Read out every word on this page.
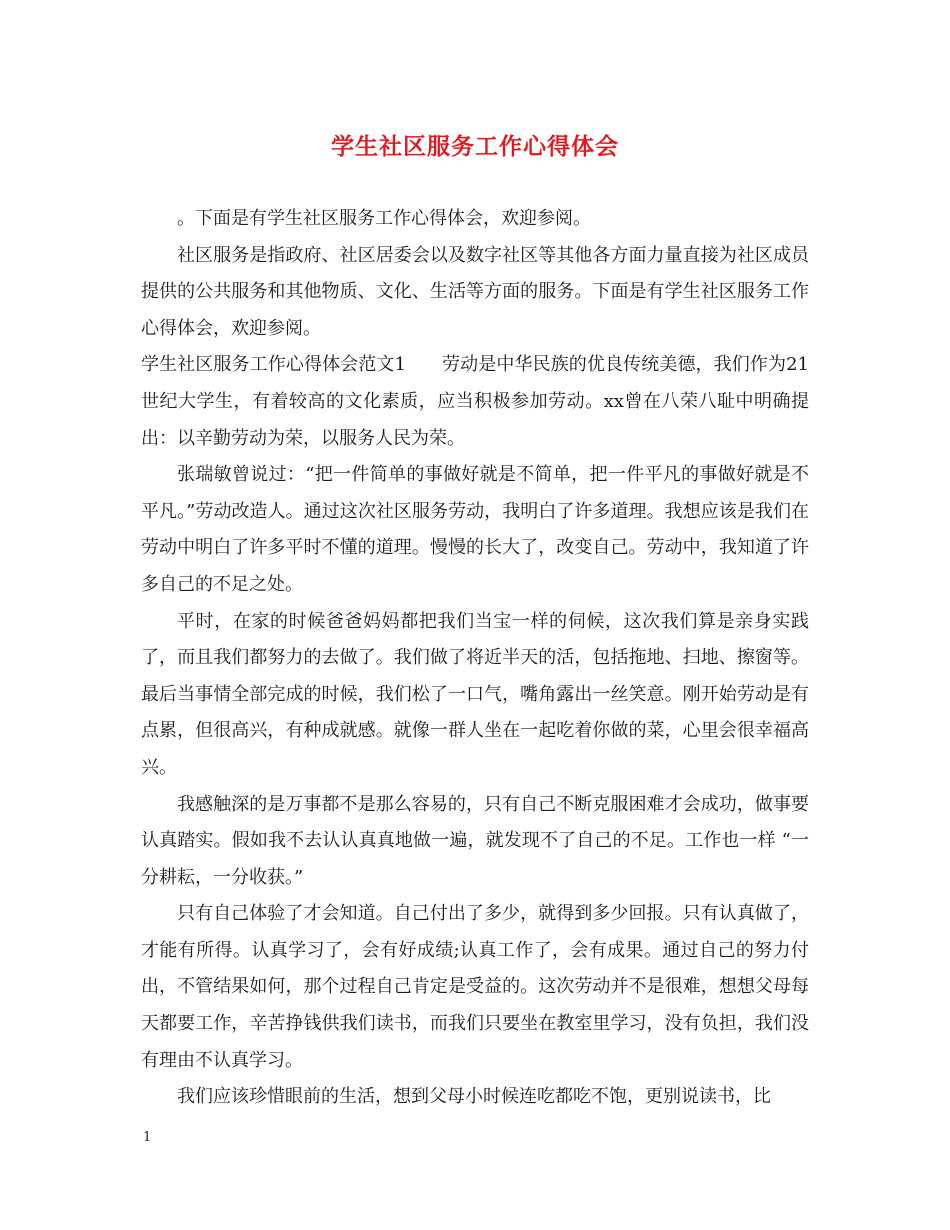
学生社区服务工作心得体会

。下面是有学生社区服务工作心得体会，欢迎参阅。

社区服务是指政府、社区居委会以及数字社区等其他各方面力量直接为社区成员提供的公共服务和其他物质、文化、生活等方面的服务。下面是有学生社区服务工作心得体会，欢迎参阅。

学生社区服务工作心得体会范文1 劳动是中华民族的优良传统美德，我们作为21世纪大学生，有着较高的文化素质，应当积极参加劳动。xx曾在八荣八耻中明确提出：以辛勤劳动为荣，以服务人民为荣。

张瑞敏曾说过：“把一件简单的事做好就是不简单，把一件平凡的事做好就是不平凡。”劳动改造人。通过这次社区服务劳动，我明白了许多道理。我想应该是我们在劳动中明白了许多平时不懂的道理。慢慢的长大了，改变自己。劳动中，我知道了许多自己的不足之处。

平时，在家的时候爸爸妈妈都把我们当宝一样的伺候，这次我们算是亲身实践了，而且我们都努力的去做了。我们做了将近半天的活，包括拖地、扫地、擦窗等。最后当事情全部完成的时候，我们松了一口气，嘴角露出一丝笑意。刚开始劳动是有点累，但很高兴，有种成就感。就像一群人坐在一起吃着你做的菜，心里会很幸福高兴。

我感触深的是万事都不是那么容易的，只有自己不断克服困难才会成功，做事要认真踏实。假如我不去认认真真地做一遍，就发现不了自己的不足。工作也一样 “一分耕耘，一分收获。”

只有自己体验了才会知道。自己付出了多少，就得到多少回报。只有认真做了，才能有所得。认真学习了，会有好成绩;认真工作了，会有成果。通过自己的努力付出，不管结果如何，那个过程自己肯定是受益的。这次劳动并不是很难，想想父母每天都要工作，辛苦挣钱供我们读书，而我们只要坐在教室里学习，没有负担，我们没有理由不认真学习。

我们应该珍惜眼前的生活，想到父母小时候连吃都吃不饱，更别说读书，比

1
